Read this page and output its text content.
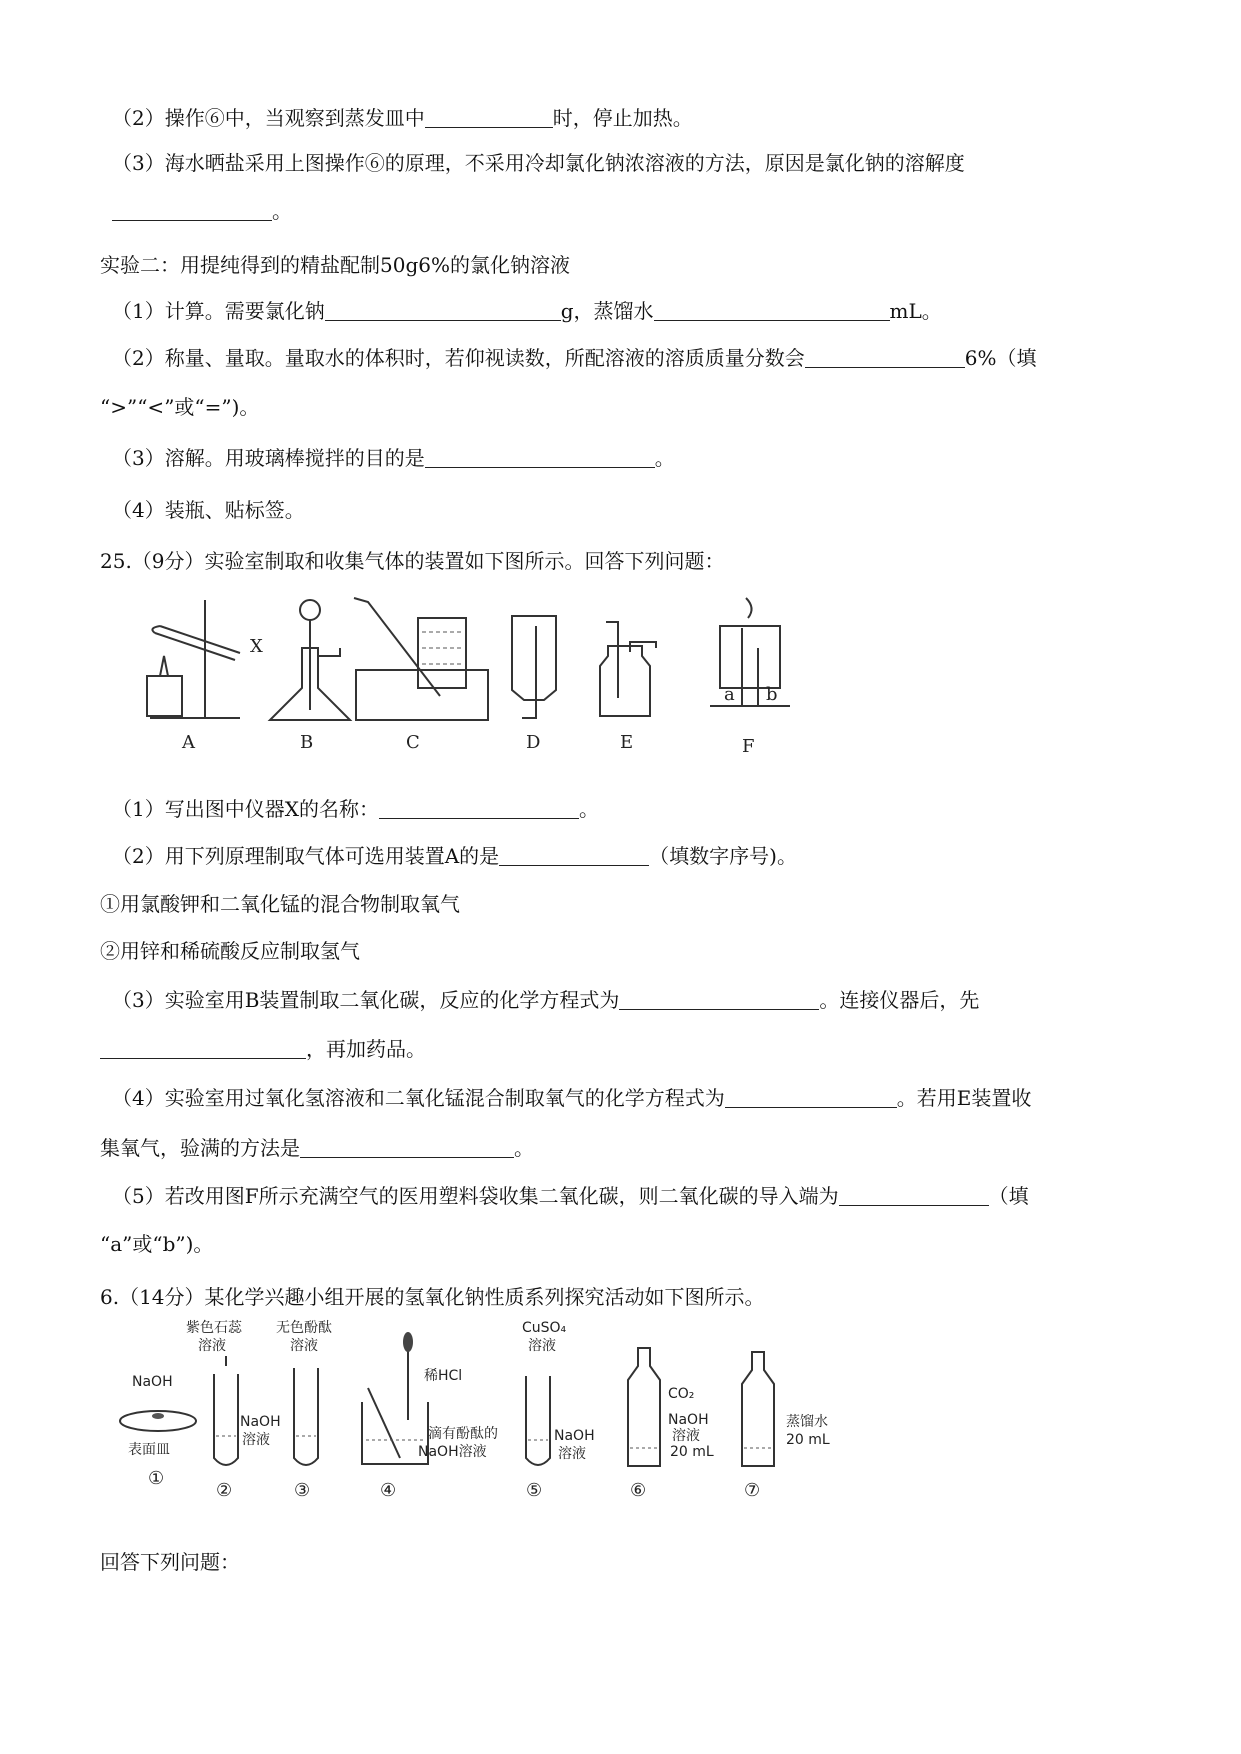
（2）操作⑥中，当观察到蒸发皿中	时，停止加热。
（3）海水晒盐采用上图操作⑥的原理，不采用冷却氯化钠浓溶液的方法，原因是氯化钠的溶解度
。
实验二：用提纯得到的精盐配制50g6%的氯化钠溶液
（1）计算。需要氯化钠	g，蒸馏水	mL。
（2）称量、量取。量取水的体积时，若仰视读数，所配溶液的溶质质量分数会	6%（填
“>”“<”或“=”)。
（3）溶解。用玻璃棒搅拌的目的是	。
（4）装瓶、贴标签。
25.（9分）实验室制取和收集气体的装置如下图所示。回答下列问题：
A
X
B	C	D	E
a b
F
（1）写出图中仪器X的名称：	。
（2）用下列原理制取气体可选用装置A的是	（填数字序号)。
①用氯酸钾和二氧化锰的混合物制取氧气
②用锌和稀硫酸反应制取氢气
（3）实验室用B装置制取二氧化碳，反应的化学方程式为	。连接仪器后，先
，再加药品。
（4）实验室用过氧化氢溶液和二氧化锰混合制取氧气的化学方程式为	。若用E装置收
集氧气，验满的方法是	。
（5）若改用图F所示充满空气的医用塑料袋收集二氧化碳，则二氧化碳的导入端为	（填
“a”或“b”)。
6.（14分）某化学兴趣小组开展的氢氧化钠性质系列探究活动如下图所示。
NaOH
表面皿
①
紫色石蕊
溶液
NaOH
溶液
②
无色酚酞
溶液
③
稀HCl
滴有酚酞的
NaOH溶液
④
CuSO₄
溶液
NaOH
溶液
⑤
CO₂
NaOH
溶液
20 mL
⑥
蒸馏水
20 mL
⑦
回答下列问题：
